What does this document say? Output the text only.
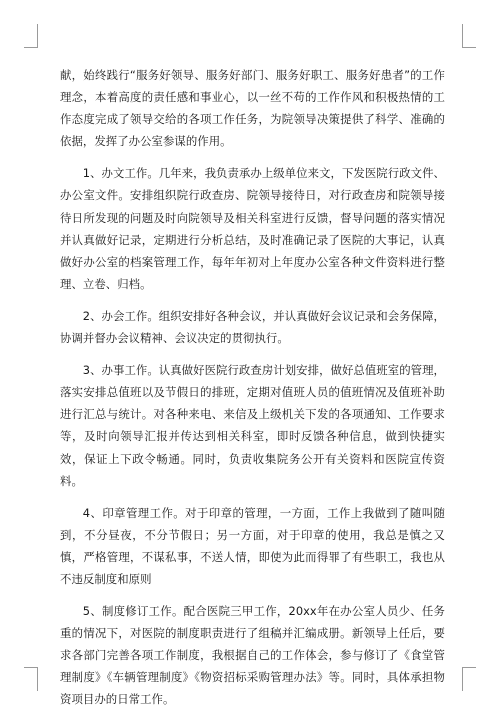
献，始终践行“服务好领导、服务好部门、服务好职工、服务好患者”的工作理念，本着高度的责任感和事业心，以一丝不苟的工作作风和积极热情的工作态度完成了领导交给的各项工作任务，为院领导决策提供了科学、准确的依据，发挥了办公室参谋的作用。

1、办文工作。几年来，我负责承办上级单位来文，下发医院行政文件、办公室文件。安排组织院行政查房、院领导接待日，对行政查房和院领导接待日所发现的问题及时向院领导及相关科室进行反馈，督导问题的落实情况并认真做好记录，定期进行分析总结，及时准确记录了医院的大事记，认真做好办公室的档案管理工作，每年年初对上年度办公室各种文件资料进行整理、立卷、归档。

2、办会工作。组织安排好各种会议，并认真做好会议记录和会务保障，协调并督办会议精神、会议决定的贯彻执行。

3、办事工作。认真做好医院行政查房计划安排，做好总值班室的管理，落实安排总值班以及节假日的排班，定期对值班人员的值班情况及值班补助进行汇总与统计。对各种来电、来信及上级机关下发的各项通知、工作要求等，及时向领导汇报并传达到相关科室，即时反馈各种信息，做到快捷实效，保证上下政令畅通。同时，负责收集院务公开有关资料和医院宣传资料。

4、印章管理工作。对于印章的管理，一方面，工作上我做到了随叫随到，不分昼夜，不分节假日；另一方面，对于印章的使用，我总是慎之又慎，严格管理，不谋私事，不送人情，即使为此而得罪了有些职工，我也从不违反制度和原则

5、制度修订工作。配合医院三甲工作，20xx年在办公室人员少、任务重的情况下，对医院的制度职责进行了组稿并汇编成册。新领导上任后，要求各部门完善各项工作制度，我根据自己的工作体会，参与修订了《食堂管理制度》《车辆管理制度》《物资招标采购管理办法》等。同时，具体承担物资项目办的日常工作。
